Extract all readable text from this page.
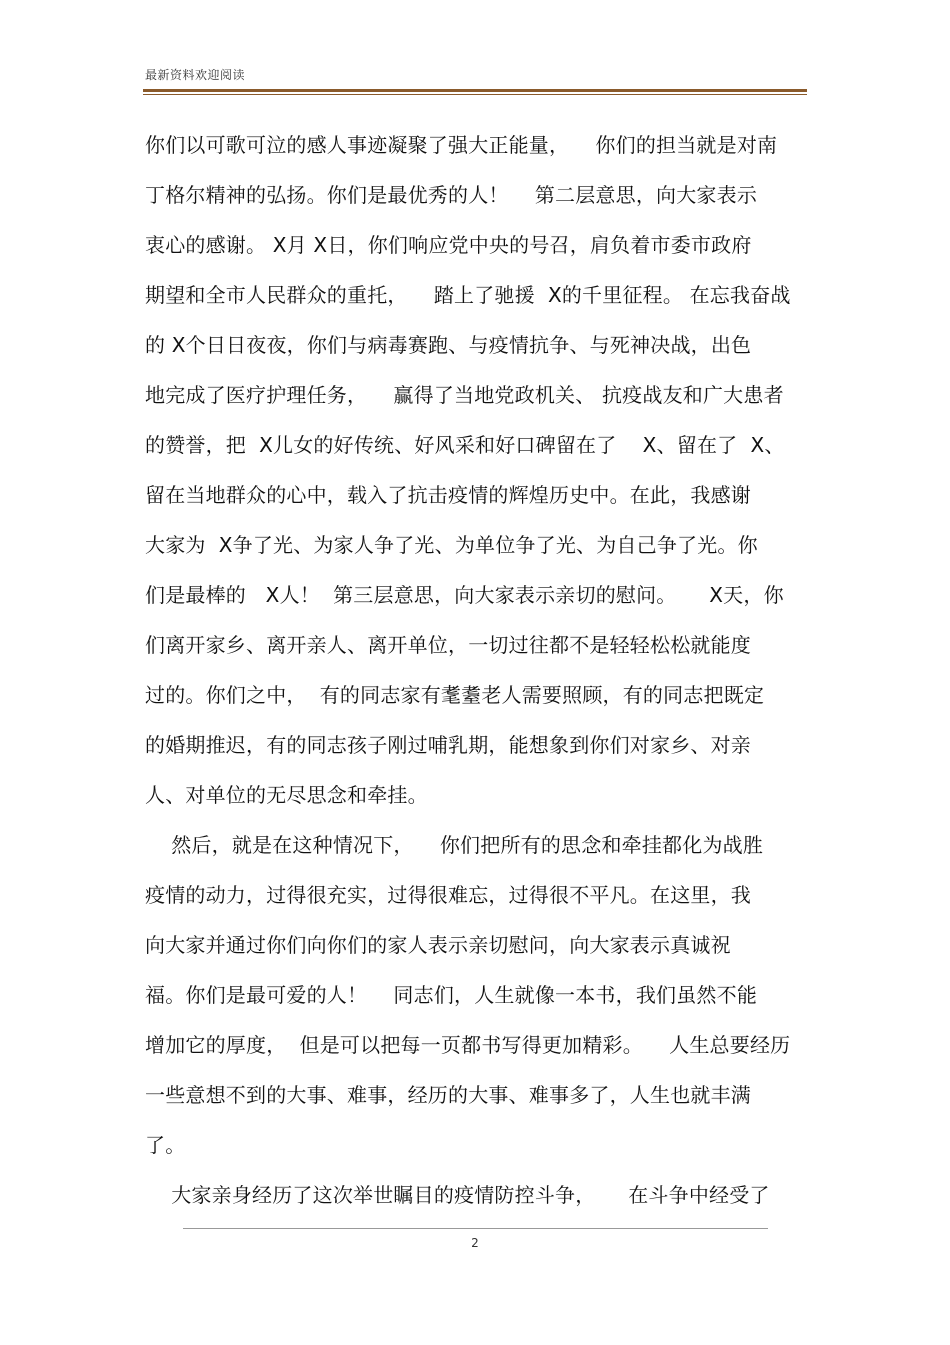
最新资料欢迎阅读
你们以可歌可泣的感人事迹凝聚了强大正能量，    你们的担当就是对南
丁格尔精神的弘扬。你们是最优秀的人！    第二层意思，向大家表示
衷心的感谢。 X月 X日，你们响应党中央的号召，肩负着市委市政府
期望和全市人民群众的重托，    踏上了驰援  X的千里征程。 在忘我奋战
的 X个日日夜夜，你们与病毒赛跑、与疫情抗争、与死神决战，出色
地完成了医疗护理任务，    赢得了当地党政机关、 抗疫战友和广大患者
的赞誉，把  X儿女的好传统、好风采和好口碑留在了    X、留在了  X、
留在当地群众的心中，载入了抗击疫情的辉煌历史中。在此，我感谢
大家为  X争了光、为家人争了光、为单位争了光、为自己争了光。你
们是最棒的   X人！  第三层意思，向大家表示亲切的慰问。     X天，你
们离开家乡、离开亲人、离开单位，一切过往都不是轻轻松松就能度
过的。你们之中，  有的同志家有耄耋老人需要照顾，有的同志把既定
的婚期推迟，有的同志孩子刚过哺乳期，能想象到你们对家乡、对亲
人、对单位的无尽思念和牵挂。
然后，就是在这种情况下，    你们把所有的思念和牵挂都化为战胜
疫情的动力，过得很充实，过得很难忘，过得很不平凡。在这里，我
向大家并通过你们向你们的家人表示亲切慰问，向大家表示真诚祝
福。你们是最可爱的人！    同志们，人生就像一本书，我们虽然不能
增加它的厚度，  但是可以把每一页都书写得更加精彩。    人生总要经历
一些意想不到的大事、难事，经历的大事、难事多了，人生也就丰满
了。
大家亲身经历了这次举世瞩目的疫情防控斗争，     在斗争中经受了
2
